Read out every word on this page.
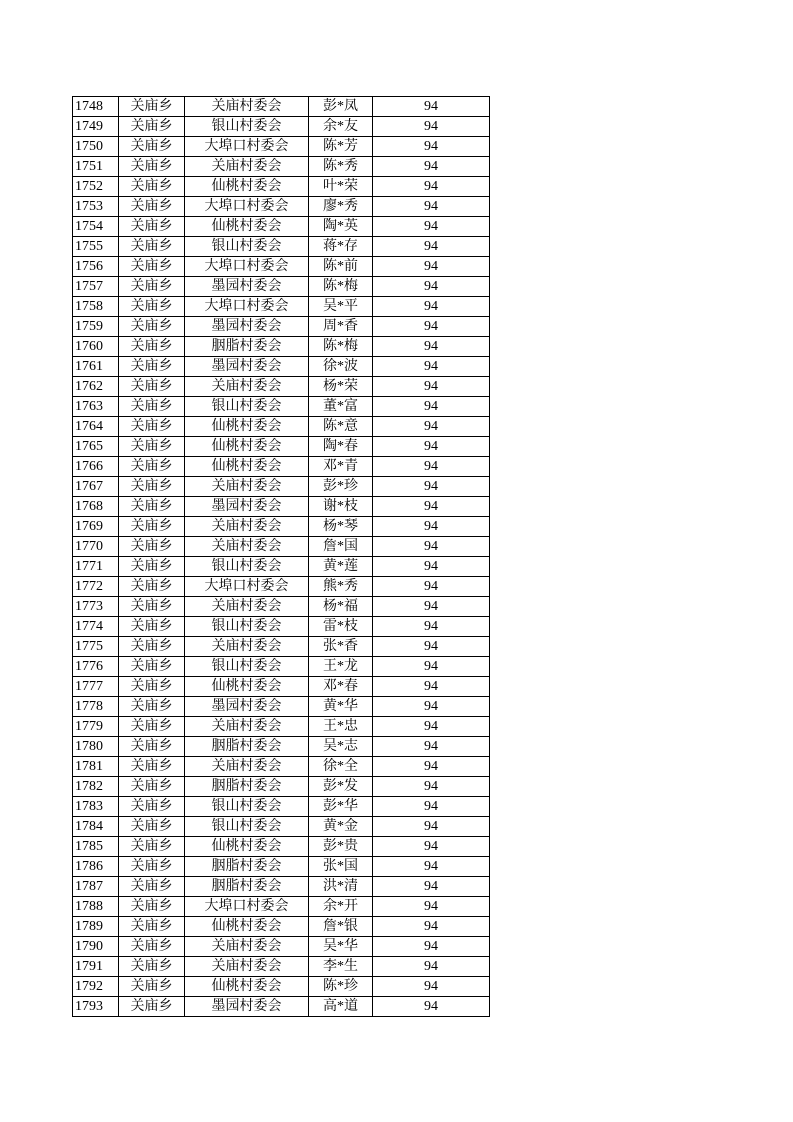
1748	关庙乡	关庙村委会	彭*凤	94
1749	关庙乡	银山村委会	余*友	94
1750	关庙乡	大埠口村委会	陈*芳	94
1751	关庙乡	关庙村委会	陈*秀	94
1752	关庙乡	仙桃村委会	叶*荣	94
1753	关庙乡	大埠口村委会	廖*秀	94
1754	关庙乡	仙桃村委会	陶*英	94
1755	关庙乡	银山村委会	蒋*存	94
1756	关庙乡	大埠口村委会	陈*前	94
1757	关庙乡	墨园村委会	陈*梅	94
1758	关庙乡	大埠口村委会	吴*平	94
1759	关庙乡	墨园村委会	周*香	94
1760	关庙乡	胭脂村委会	陈*梅	94
1761	关庙乡	墨园村委会	徐*波	94
1762	关庙乡	关庙村委会	杨*荣	94
1763	关庙乡	银山村委会	董*富	94
1764	关庙乡	仙桃村委会	陈*意	94
1765	关庙乡	仙桃村委会	陶*春	94
1766	关庙乡	仙桃村委会	邓*青	94
1767	关庙乡	关庙村委会	彭*珍	94
1768	关庙乡	墨园村委会	谢*枝	94
1769	关庙乡	关庙村委会	杨*琴	94
1770	关庙乡	关庙村委会	詹*国	94
1771	关庙乡	银山村委会	黄*莲	94
1772	关庙乡	大埠口村委会	熊*秀	94
1773	关庙乡	关庙村委会	杨*福	94
1774	关庙乡	银山村委会	雷*枝	94
1775	关庙乡	关庙村委会	张*香	94
1776	关庙乡	银山村委会	王*龙	94
1777	关庙乡	仙桃村委会	邓*春	94
1778	关庙乡	墨园村委会	黄*华	94
1779	关庙乡	关庙村委会	王*忠	94
1780	关庙乡	胭脂村委会	吴*志	94
1781	关庙乡	关庙村委会	徐*全	94
1782	关庙乡	胭脂村委会	彭*发	94
1783	关庙乡	银山村委会	彭*华	94
1784	关庙乡	银山村委会	黄*金	94
1785	关庙乡	仙桃村委会	彭*贵	94
1786	关庙乡	胭脂村委会	张*国	94
1787	关庙乡	胭脂村委会	洪*清	94
1788	关庙乡	大埠口村委会	余*开	94
1789	关庙乡	仙桃村委会	詹*银	94
1790	关庙乡	关庙村委会	吴*华	94
1791	关庙乡	关庙村委会	李*生	94
1792	关庙乡	仙桃村委会	陈*珍	94
1793	关庙乡	墨园村委会	高*道	94
